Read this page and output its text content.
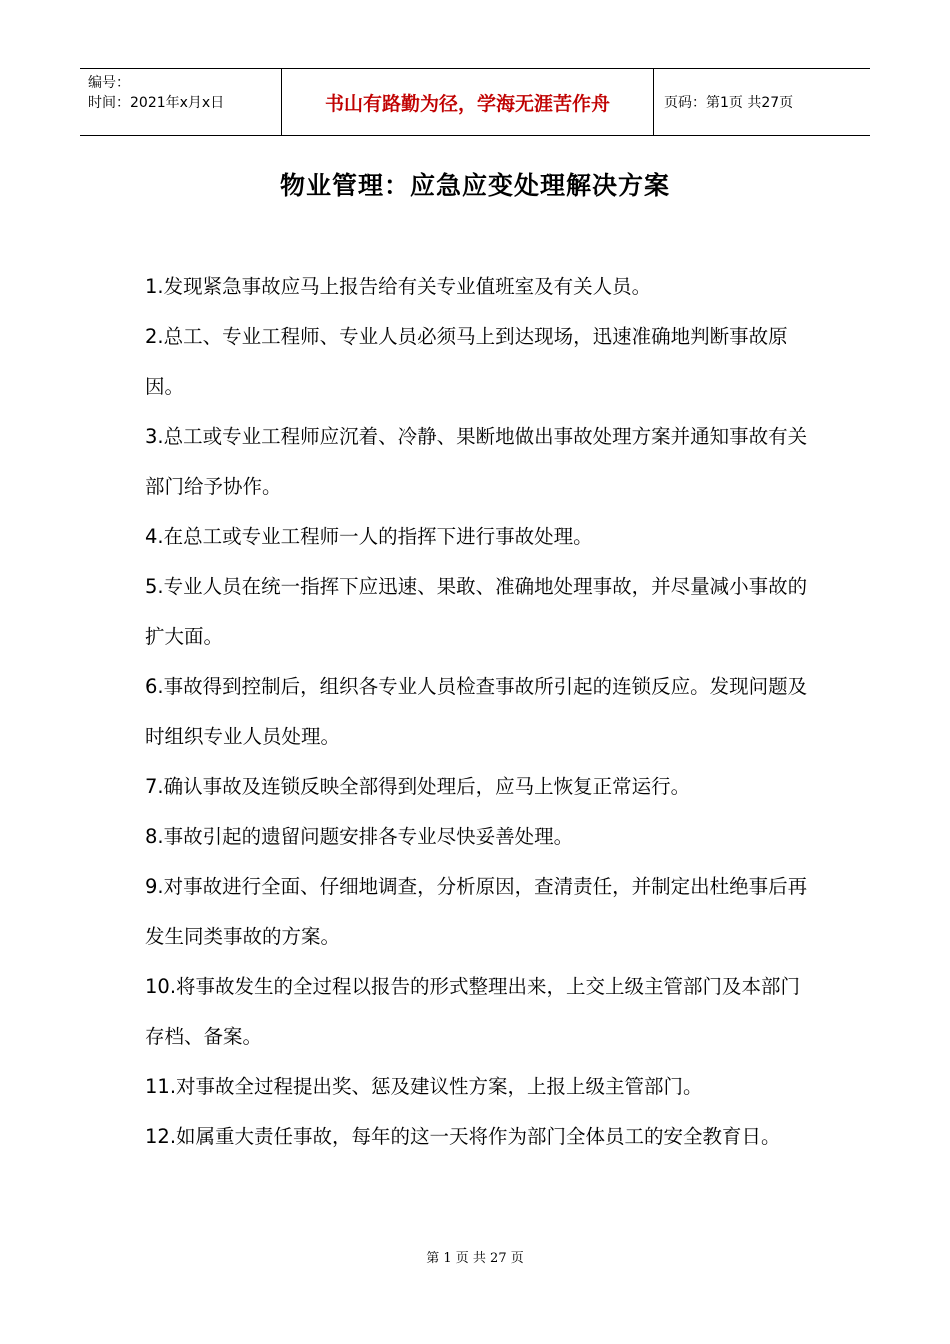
编号：
时间：2021年x月x日	书山有路勤为径，学海无涯苦作舟	页码：第1页 共27页
物业管理：应急应变处理解决方案

1.发现紧急事故应马上报告给有关专业值班室及有关人员。

2.总工、专业工程师、专业人员必须马上到达现场，迅速准确地判断事故原因。

3.总工或专业工程师应沉着、冷静、果断地做出事故处理方案并通知事故有关部门给予协作。

4.在总工或专业工程师一人的指挥下进行事故处理。

5.专业人员在统一指挥下应迅速、果敢、准确地处理事故，并尽量减小事故的扩大面。

6.事故得到控制后，组织各专业人员检查事故所引起的连锁反应。发现问题及时组织专业人员处理。

7.确认事故及连锁反映全部得到处理后，应马上恢复正常运行。

8.事故引起的遗留问题安排各专业尽快妥善处理。

9.对事故进行全面、仔细地调查，分析原因，查清责任，并制定出杜绝事后再发生同类事故的方案。

10.将事故发生的全过程以报告的形式整理出来，上交上级主管部门及本部门存档、备案。

11.对事故全过程提出奖、惩及建议性方案，上报上级主管部门。

12.如属重大责任事故，每年的这一天将作为部门全体员工的安全教育日。

第 1 页 共 27 页
